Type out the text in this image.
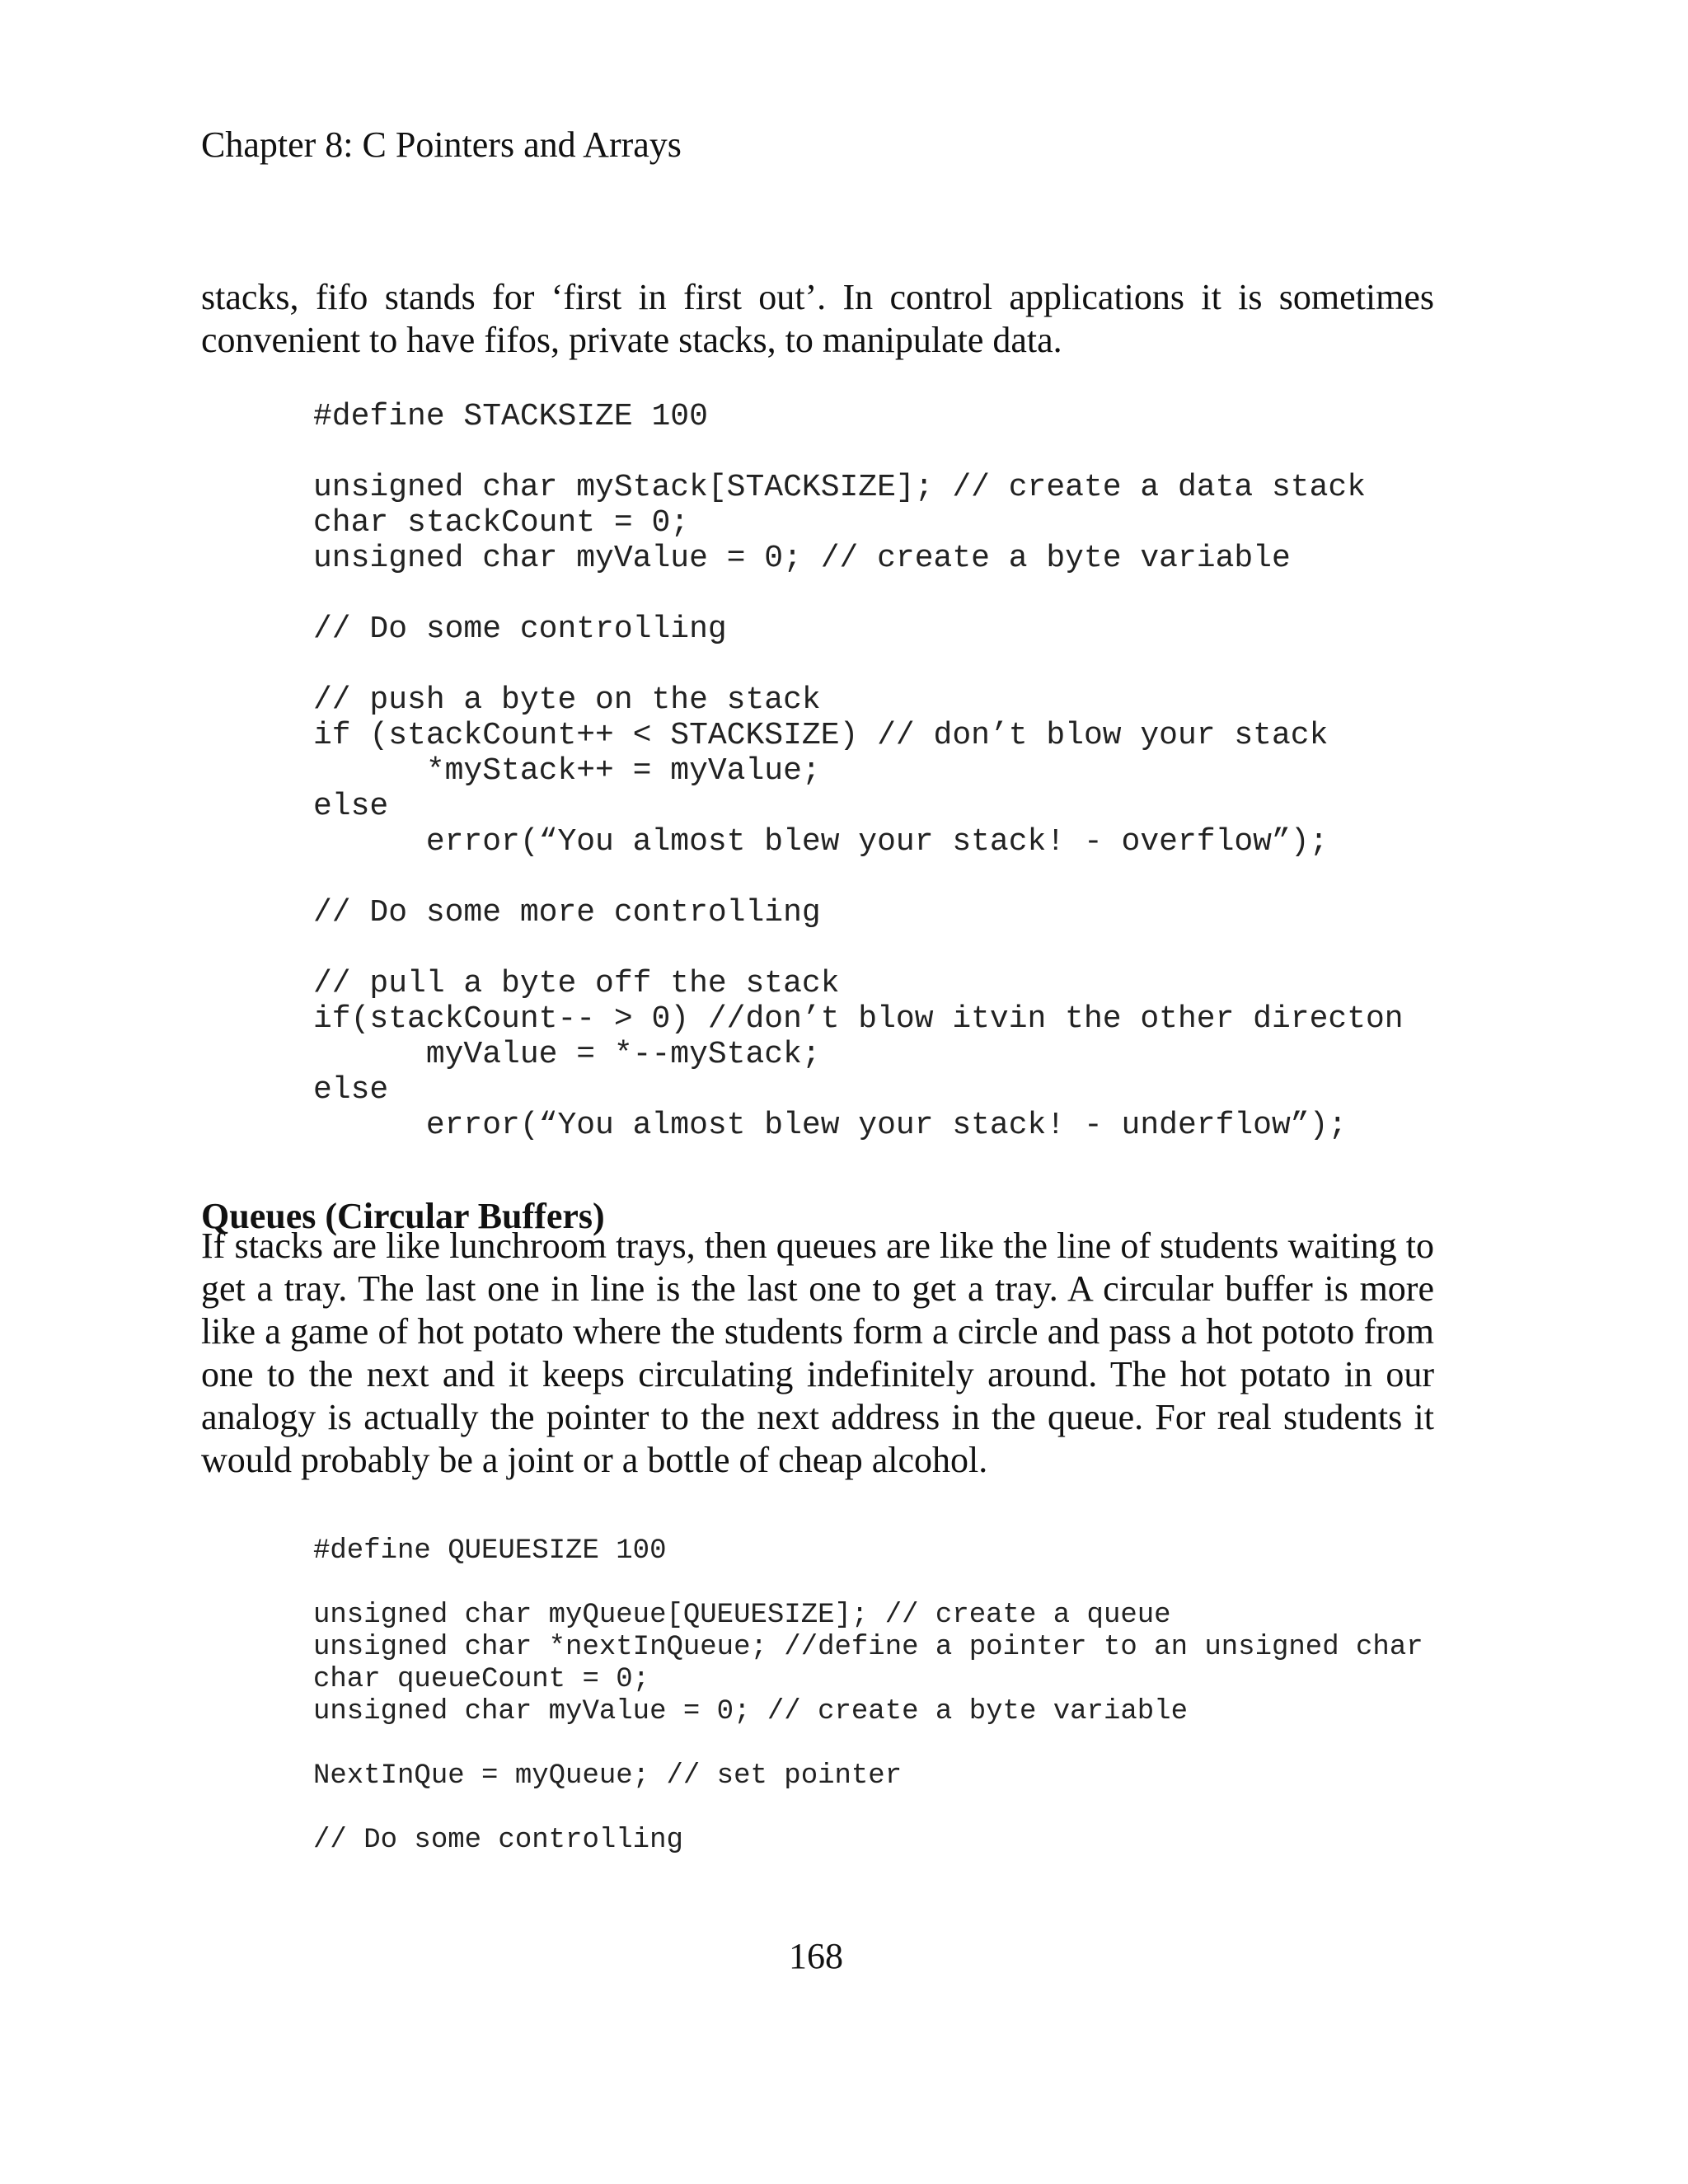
Chapter 8: C Pointers and Arrays

stacks, fifo stands for ‘first in first out’. In control applications it is sometimes convenient to have fifos, private stacks, to manipulate data.

#define STACKSIZE 100
unsigned char myStack[STACKSIZE]; // create a data stack
char stackCount = 0;
unsigned char myValue = 0; // create a byte variable
// Do some controlling
// push a byte on the stack
if (stackCount++ < STACKSIZE) // don’t blow your stack
*myStack++ = myValue;
else
error(“You almost blew your stack! - overflow”);
// Do some more controlling
// pull a byte off the stack
if(stackCount-- > 0) //don’t blow itvin the other directon
myValue = *--myStack;
else
error(“You almost blew your stack! - underflow”);
Queues (Circular Buffers)

If stacks are like lunchroom trays, then queues are like the line of students waiting to get a tray. The last one in line is the last one to get a tray. A circular buffer is more like a game of hot potato where the students form a circle and pass a hot pototo from one to the next and it keeps circulating indefinitely around. The hot potato in our analogy is actually the pointer to the next address in the queue. For real students it would probably be a joint or a bottle of cheap alcohol.

#define QUEUESIZE 100
unsigned char myQueue[QUEUESIZE]; // create a queue
unsigned char *nextInQueue; //define a pointer to an unsigned char
char queueCount = 0;
unsigned char myValue = 0; // create a byte variable
NextInQue = myQueue; // set pointer
// Do some controlling

168
